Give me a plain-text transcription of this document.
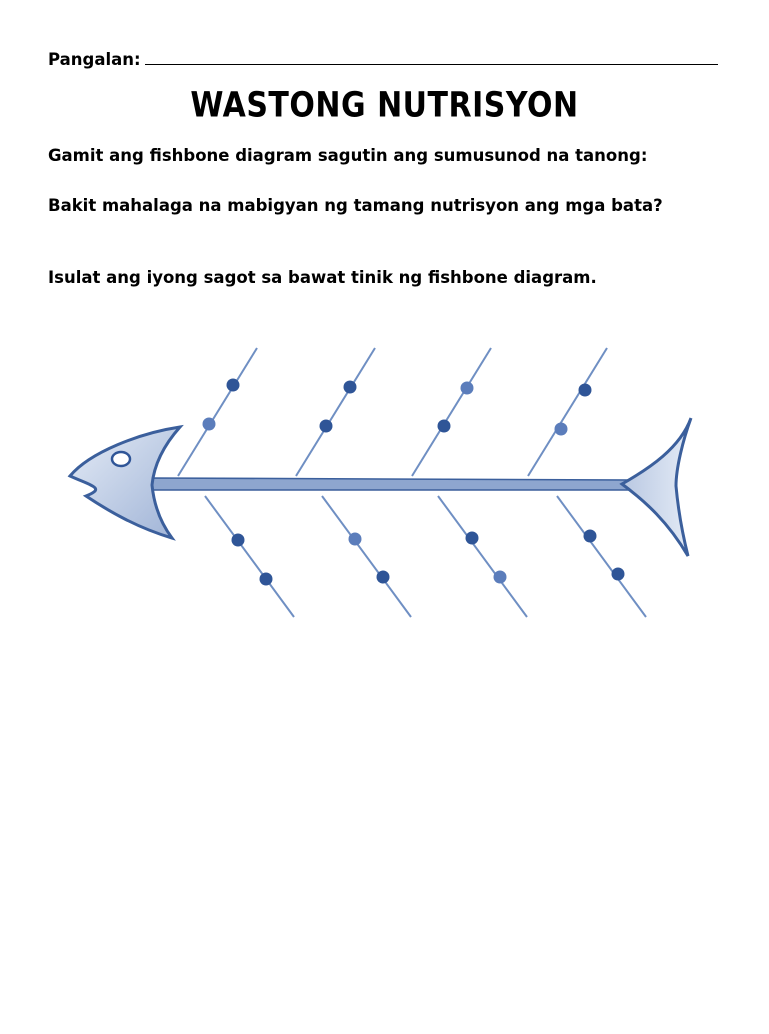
Pangalan:
WASTONG NUTRISYON
Gamit ang fishbone diagram sagutin ang sumusunod na tanong:
Bakit mahalaga na mabigyan ng tamang nutrisyon ang mga bata?
Isulat ang iyong sagot sa bawat tinik ng fishbone diagram.
